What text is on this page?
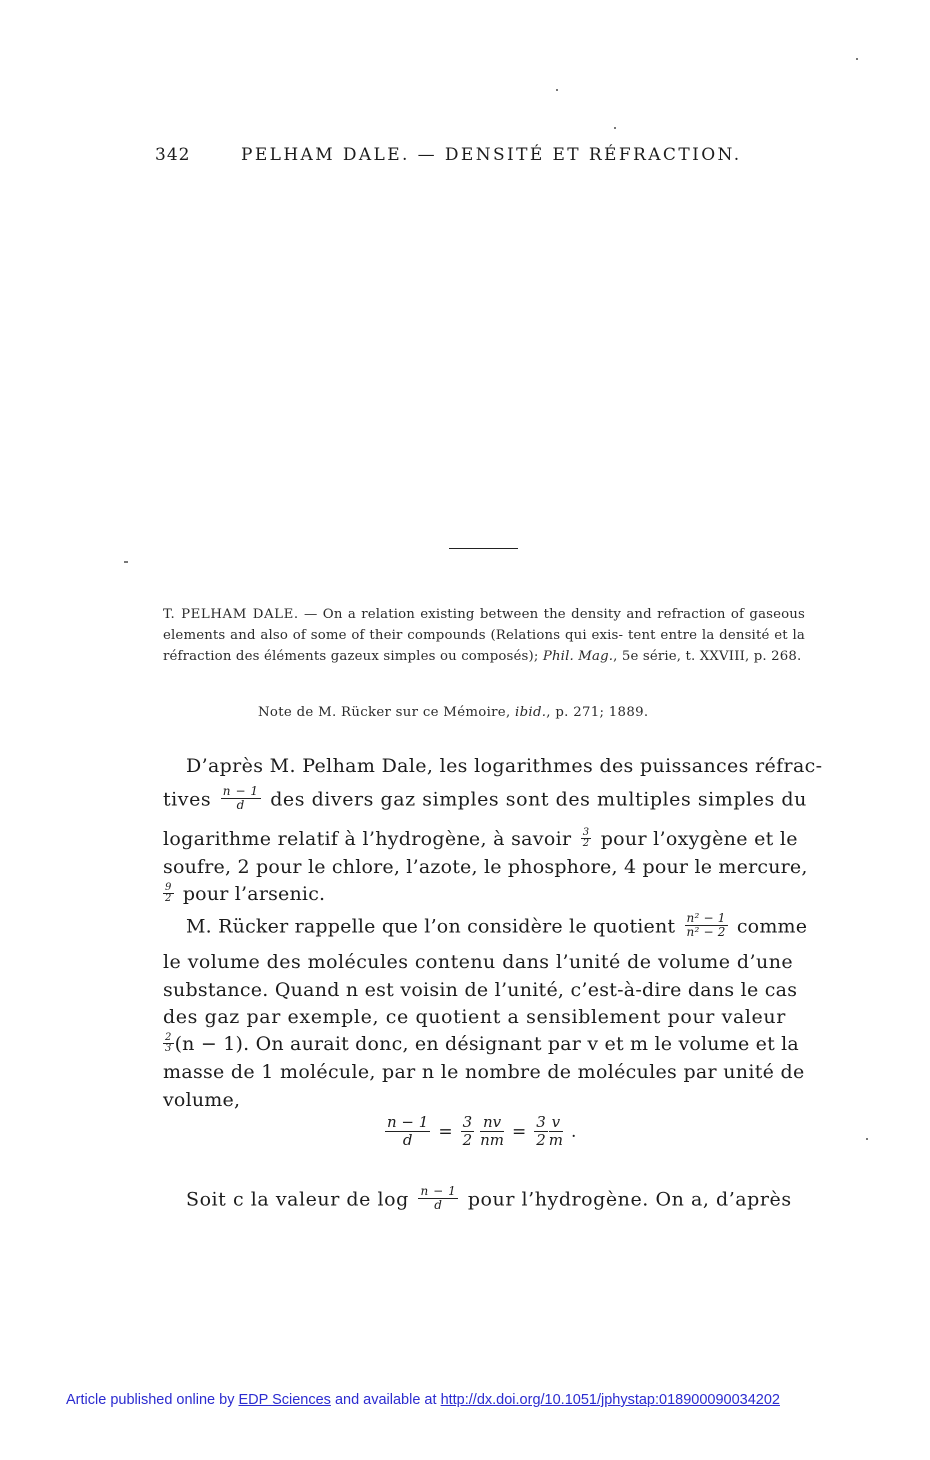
342	PELHAM DALE. — DENSITÉ ET RÉFRACTION.
T. PELHAM DALE. — On a relation existing between the density and refraction of gaseous elements and also of some of their compounds (Relations qui exis- tent entre la densité et la réfraction des éléments gazeux simples ou composés); Phil. Mag., 5e série, t. XXVIII, p. 268.
Note de M. Rücker sur ce Mémoire, ibid., p. 271; 1889.
D’après M. Pelham Dale, les logarithmes des puissances réfrac-
tives $\frac{n - 1}{d}$ des divers gaz simples sont des multiples simples du
logarithme relatif à l’hydrogène, à savoir $\frac{3}{2}$ pour l’oxygène et le
soufre, 2 pour le chlore, l’azote, le phosphore, 4 pour le mercure,
$\frac{9}{2}$ pour l’arsenic.
M. Rücker rappelle que l’on considère le quotient $\frac{\text{n² − 1}}{\text{n² − 2}}$ comme
le volume des molécules contenu dans l’unité de volume d’une
substance. Quand n est voisin de l’unité, c’est-à-dire dans le cas
des gaz par exemple, ce quotient a sensiblement pour valeur
$\frac{2}{3} (n - 1)$. On aurait donc, en désignant par v et m le volume et la
masse de 1 molécule, par n le nombre de molécules par unité de
volume,
$\frac{n - 1}{d} = \frac{3}{2} \frac{nv}{nm} = \frac{3}{2} \frac{v}{m}$ .
Soit c la valeur de $\log \frac{n - 1}{d}$ pour l’hydrogène. On a, d’après
Article published online by EDP Sciences and available at http://dx.doi.org/10.1051/jphystap:018900090034202
